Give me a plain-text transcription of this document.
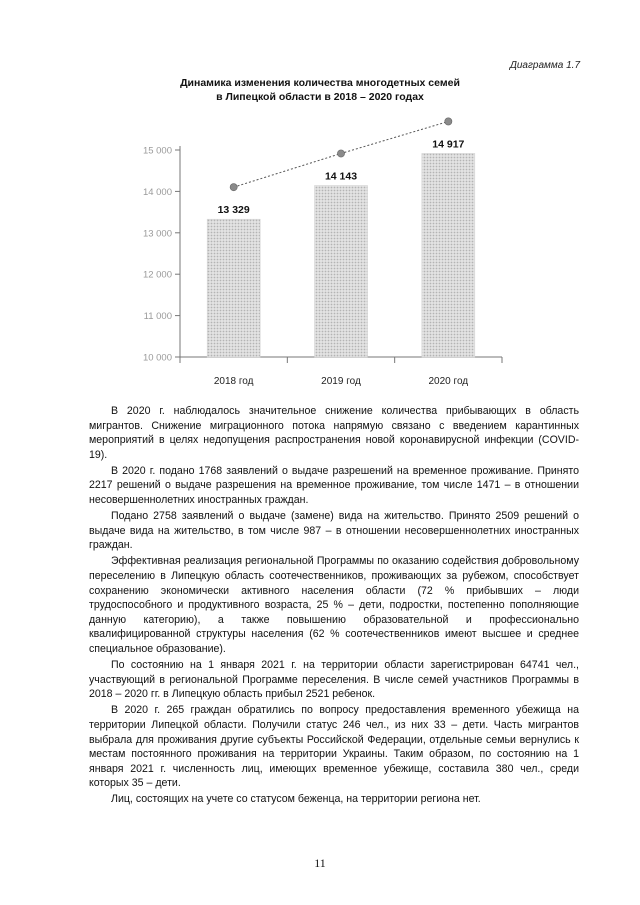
Диаграмма 1.7
Динамика изменения количества многодетных семей
в Липецкой области в 2018 – 2020 годах
10 000
11 000
12 000
13 000
14 000
15 000
13 329
2018 год
14 143
2019 год
14 917
2020 год

В 2020 г. наблюдалось значительное снижение количества прибывающих в область мигрантов. Снижение миграционного потока напрямую связано с введением карантинных мероприятий в целях недопущения распространения новой коронавирусной инфекции (COVID-19).

В 2020 г. подано 1768 заявлений о выдаче разрешений на временное проживание. Принято 2217 решений о выдаче разрешения на временное проживание, том числе 1471 – в отношении несовершеннолетних иностранных граждан.

Подано 2758 заявлений о выдаче (замене) вида на жительство. Принято 2509 решений о выдаче вида на жительство, в том числе 987 – в отношении несовершеннолетних иностранных граждан.

Эффективная реализация региональной Программы по оказанию содействия добровольному переселению в Липецкую область соотечественников, проживающих за рубежом, способствует сохранению экономически активного населения области (72 % прибывших – люди трудоспособного и продуктивного возраста, 25 % – дети, подростки, постепенно пополняющие данную категорию), а также повышению образовательной и профессионально квалифицированной структуры населения (62 % соотечественников имеют высшее и среднее специальное образование).

По состоянию на 1 января 2021 г. на территории области зарегистрирован 64741 чел., участвующий в региональной Программе переселения. В числе семей участников Программы в 2018 – 2020 гг. в Липецкую область прибыл 2521 ребенок.

В 2020 г. 265 граждан обратились по вопросу предоставления временного убежища на территории Липецкой области. Получили статус 246 чел., из них 33 – дети. Часть мигрантов выбрала для проживания другие субъекты Российской Федерации, отдельные семьи вернулись к местам постоянного проживания на территории Украины. Таким образом, по состоянию на 1 января 2021 г. численность лиц, имеющих временное убежище, составила 380 чел., среди которых 35 – дети.

Лиц, состоящих на учете со статусом беженца, на территории региона нет.

11
